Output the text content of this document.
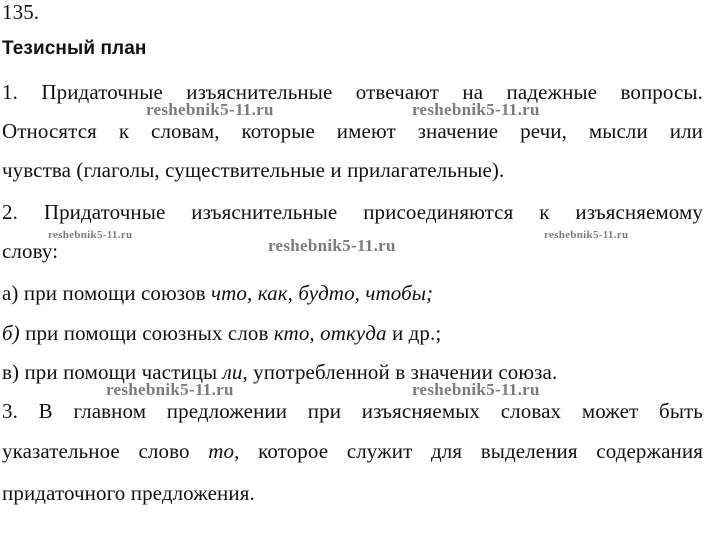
135.
Тезисный план
1. Придаточные изъяснительные отвечают на падежные вопросы.
Относятся к словам, которые имеют значение речи, мысли или
чувства (глаголы, существительные и прилагательные).
2. Придаточные изъяснительные присоединяются к изъясняемому
слову:
а) при помощи союзов что, как, будто, чтобы;
б) при помощи союзных слов кто, откуда и др.;
в) при помощи частицы ли, употребленной в значении союза.
3. В главном предложении при изъясняемых словах может быть
указательное слово то, которое служит для выделения содержания
придаточного предложения.
reshebnik5-11.ru	reshebnik5-11.ru
reshebnik5-11.ru
reshebnik5-11.ru
reshebnik5-11.ru
reshebnik5-11.ru	reshebnik5-11.ru
